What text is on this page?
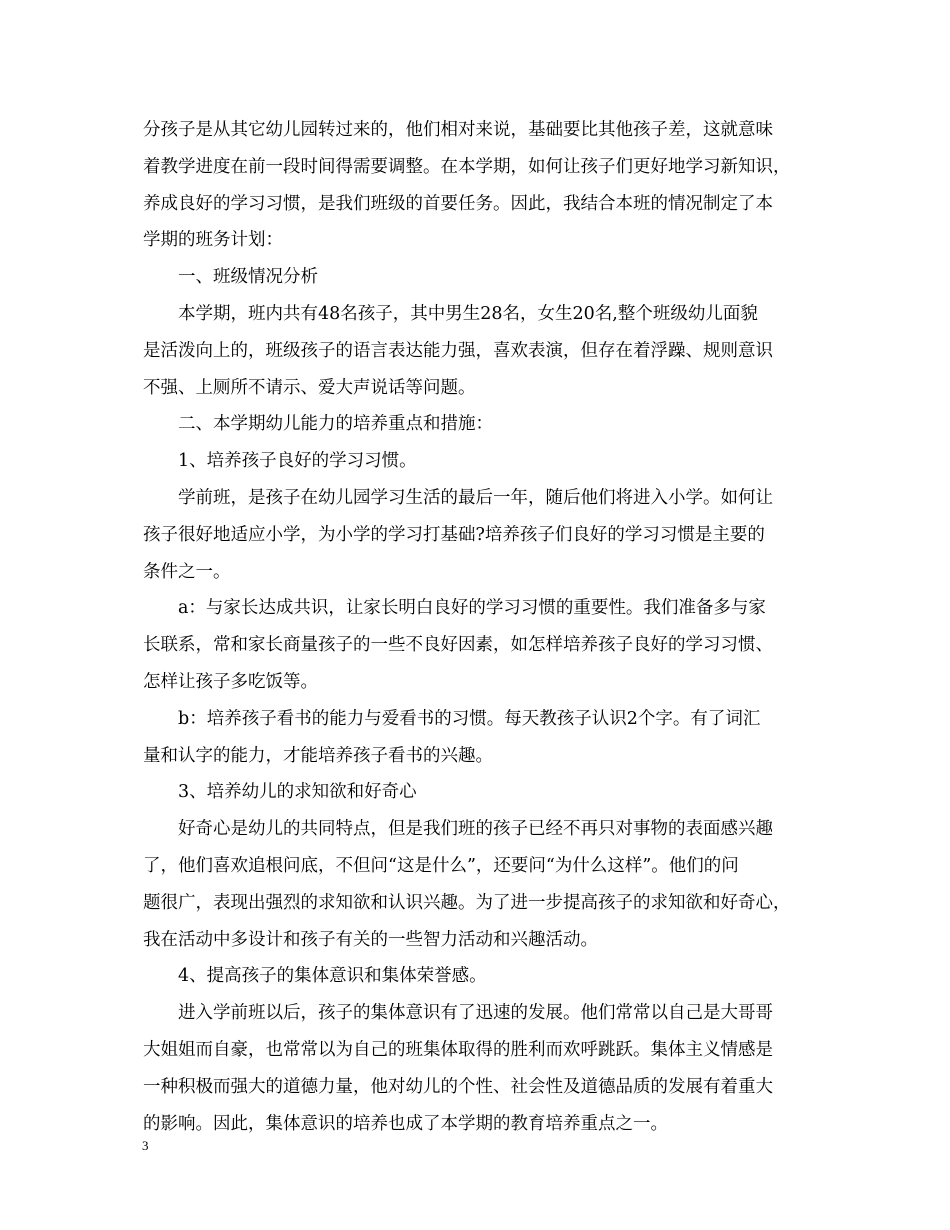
分孩子是从其它幼儿园转过来的，他们相对来说，基础要比其他孩子差，这就意味
着教学进度在前一段时间得需要调整。在本学期，如何让孩子们更好地学习新知识，
养成良好的学习习惯，是我们班级的首要任务。因此，我结合本班的情况制定了本
学期的班务计划：
一、班级情况分析
本学期，班内共有48名孩子，其中男生28名，女生20名,整个班级幼儿面貌
是活泼向上的，班级孩子的语言表达能力强，喜欢表演，但存在着浮躁、规则意识
不强、上厕所不请示、爱大声说话等问题。
二、本学期幼儿能力的培养重点和措施：
1、培养孩子良好的学习习惯。
学前班，是孩子在幼儿园学习生活的最后一年，随后他们将进入小学。如何让
孩子很好地适应小学，为小学的学习打基础?培养孩子们良好的学习习惯是主要的
条件之一。
a：与家长达成共识，让家长明白良好的学习习惯的重要性。我们准备多与家
长联系，常和家长商量孩子的一些不良好因素，如怎样培养孩子良好的学习习惯、
怎样让孩子多吃饭等。
b：培养孩子看书的能力与爱看书的习惯。每天教孩子认识2个字。有了词汇
量和认字的能力，才能培养孩子看书的兴趣。
3、培养幼儿的求知欲和好奇心
好奇心是幼儿的共同特点，但是我们班的孩子已经不再只对事物的表面感兴趣
了，他们喜欢追根问底，不但问“这是什么”，还要问“为什么这样”。他们的问
题很广，表现出强烈的求知欲和认识兴趣。为了进一步提高孩子的求知欲和好奇心，
我在活动中多设计和孩子有关的一些智力活动和兴趣活动。
4、提高孩子的集体意识和集体荣誉感。
进入学前班以后，孩子的集体意识有了迅速的发展。他们常常以自己是大哥哥
大姐姐而自豪，也常常以为自己的班集体取得的胜利而欢呼跳跃。集体主义情感是
一种积极而强大的道德力量，他对幼儿的个性、社会性及道德品质的发展有着重大
的影响。因此，集体意识的培养也成了本学期的教育培养重点之一。
3
